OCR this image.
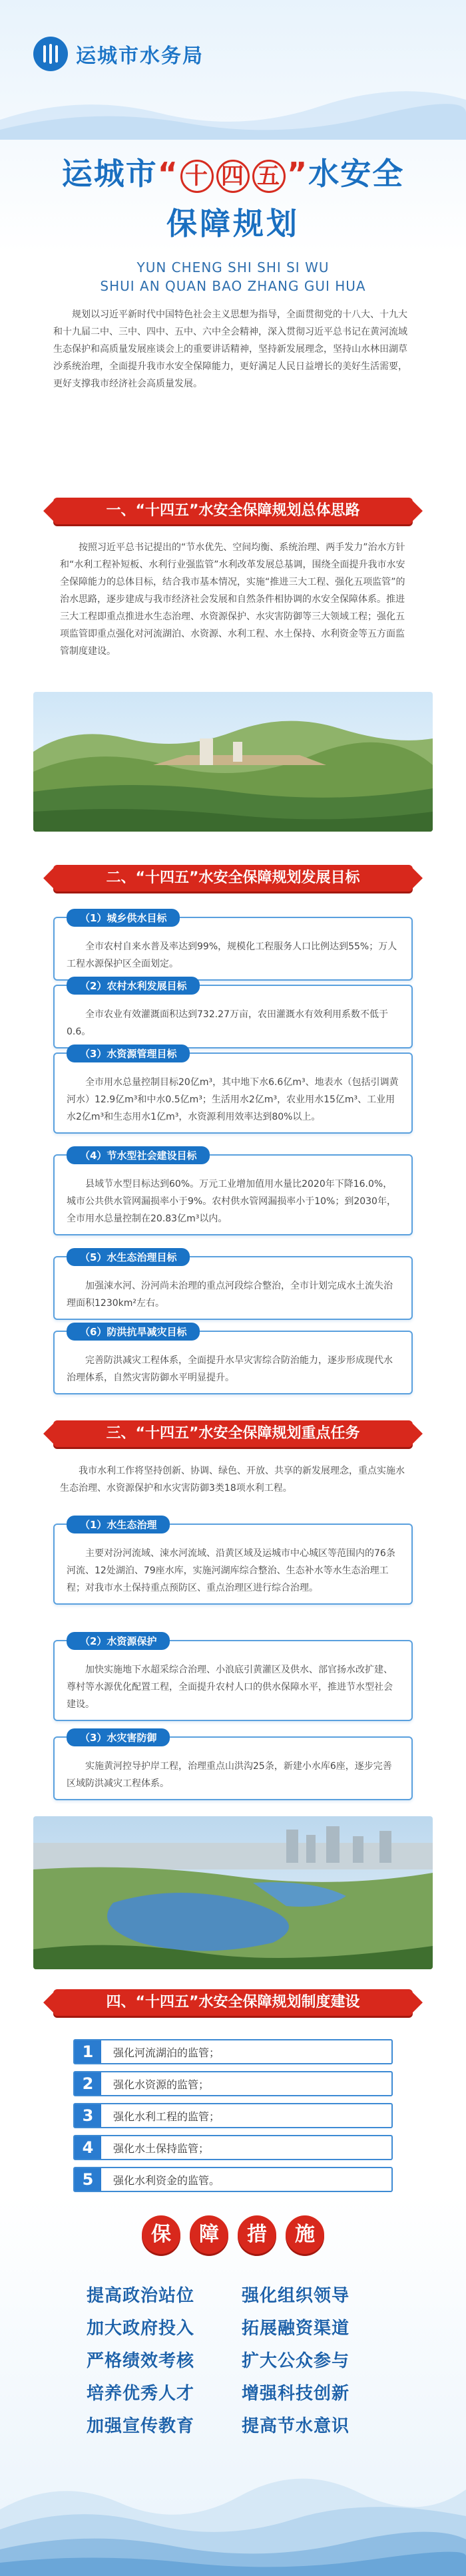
运城市水务局
运城市“ 十 四 五 ”水安全
保障规划
YUN CHENG SHI SHI SI WU
SHUI AN QUAN BAO ZHANG GUI HUA

规划以习近平新时代中国特色社会主义思想为指导，全面贯彻党的十八大、十九大和十九届二中、三中、四中、五中、六中全会精神，深入贯彻习近平总书记在黄河流域生态保护和高质量发展座谈会上的重要讲话精神，坚持新发展理念，坚持山水林田湖草沙系统治理，全面提升我市水安全保障能力，更好满足人民日益增长的美好生活需要，更好支撑我市经济社会高质量发展。

一、“十四五”水安全保障规划总体思路

按照习近平总书记提出的“节水优先、空间均衡、系统治理、两手发力”治水方针和“水利工程补短板、水利行业强监管”水利改革发展总基调，围绕全面提升我市水安全保障能力的总体目标，结合我市基本情况，实施“推进三大工程、强化五项监管”的治水思路，逐步建成与我市经济社会发展和自然条件相协调的水安全保障体系。推进三大工程即重点推进水生态治理、水资源保护、水灾害防御等三大领域工程；强化五项监管即重点强化对河流湖泊、水资源、水利工程、水土保持、水利资金等五方面监管制度建设。

二、“十四五”水安全保障规划发展目标
（1）城乡供水目标

全市农村自来水普及率达到99%，规模化工程服务人口比例达到55%；万人工程水源保护区全面划定。

（2）农村水利发展目标

全市农业有效灌溉面积达到732.27万亩，农田灌溉水有效利用系数不低于0.6。

（3）水资源管理目标

全市用水总量控制目标20亿m³，其中地下水6.6亿m³、地表水（包括引调黄河水）12.9亿m³和中水0.5亿m³；生活用水2亿m³，农业用水15亿m³、工业用水2亿m³和生态用水1亿m³，水资源利用效率达到80%以上。

（4）节水型社会建设目标

县域节水型目标达到60%。万元工业增加值用水量比2020年下降16.0%，城市公共供水管网漏损率小于9%。农村供水管网漏损率小于10%；到2030年，全市用水总量控制在20.83亿m³以内。

（5）水生态治理目标

加强涑水河、汾河尚未治理的重点河段综合整治，全市计划完成水土流失治理面积1230km²左右。

（6）防洪抗旱减灾目标

完善防洪减灾工程体系，全面提升水旱灾害综合防治能力，逐步形成现代水治理体系，自然灾害防御水平明显提升。

三、“十四五”水安全保障规划重点任务

我市水利工作将坚持创新、协调、绿色、开放、共享的新发展理念，重点实施水生态治理、水资源保护和水灾害防御3类18项水利工程。

（1）水生态治理

主要对汾河流域、涑水河流域、沿黄区域及运城市中心城区等范围内的76条河流、12处湖泊、79座水库，实施河湖库综合整治、生态补水等水生态治理工程；对我市水土保持重点预防区、重点治理区进行综合治理。

（2）水资源保护

加快实施地下水超采综合治理、小浪底引黄灌区及供水、部官扬水改扩建、尊村等水源优化配置工程，全面提升农村人口的供水保障水平，推进节水型社会建设。

（3）水灾害防御

实施黄河控导护岸工程，治理重点山洪沟25条，新建小水库6座，逐步完善区域防洪减灾工程体系。

四、“十四五”水安全保障规划制度建设
1	强化河流湖泊的监管；
2	强化水资源的监管；
3	强化水利工程的监管；
4	强化水土保持监管；
5	强化水利资金的监管。
保	障	措	施
提高政治站位	强化组织领导
加大政府投入	拓展融资渠道
严格绩效考核	扩大公众参与
培养优秀人才	增强科技创新
加强宣传教育	提高节水意识
